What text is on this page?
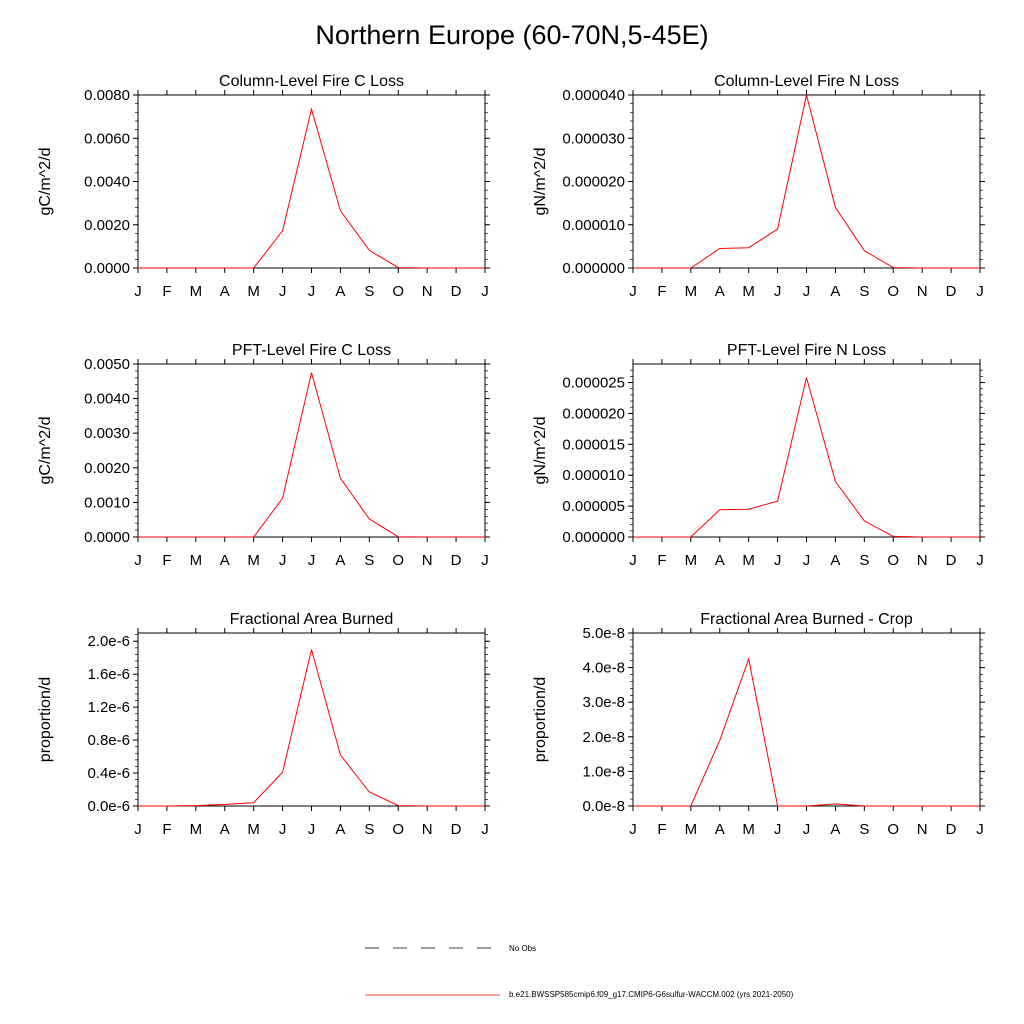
Northern Europe (60-70N,5-45E)
J F M A M J J A S O N D J
0.0000
0.0020
0.0040
0.0060
0.0080
Column-Level Fire C Loss
gC/m^2/d
J F M A M J J A S O N D J
0.000000
0.000010
0.000020
0.000030
0.000040
Column-Level Fire N Loss
gN/m^2/d
J F M A M J J A S O N D J
0.0000
0.0010
0.0020
0.0030
0.0040
0.0050
PFT-Level Fire C Loss
gC/m^2/d
J F M A M J J A S O N D J
0.000000
0.000005
0.000010
0.000015
0.000020
0.000025
PFT-Level Fire N Loss
gN/m^2/d
J F M A M J J A S O N D J
0.0e-6
0.4e-6
0.8e-6
1.2e-6
1.6e-6
2.0e-6
Fractional Area Burned
proportion/d
J F M A M J J A S O N D J
0.0e-8
1.0e-8
2.0e-8
3.0e-8
4.0e-8
5.0e-8
Fractional Area Burned - Crop
proportion/d
No Obs
b.e21.BWSSP585cmip6.f09_g17.CMIP6-G6sulfur-WACCM.002 (yrs 2021-2050)
